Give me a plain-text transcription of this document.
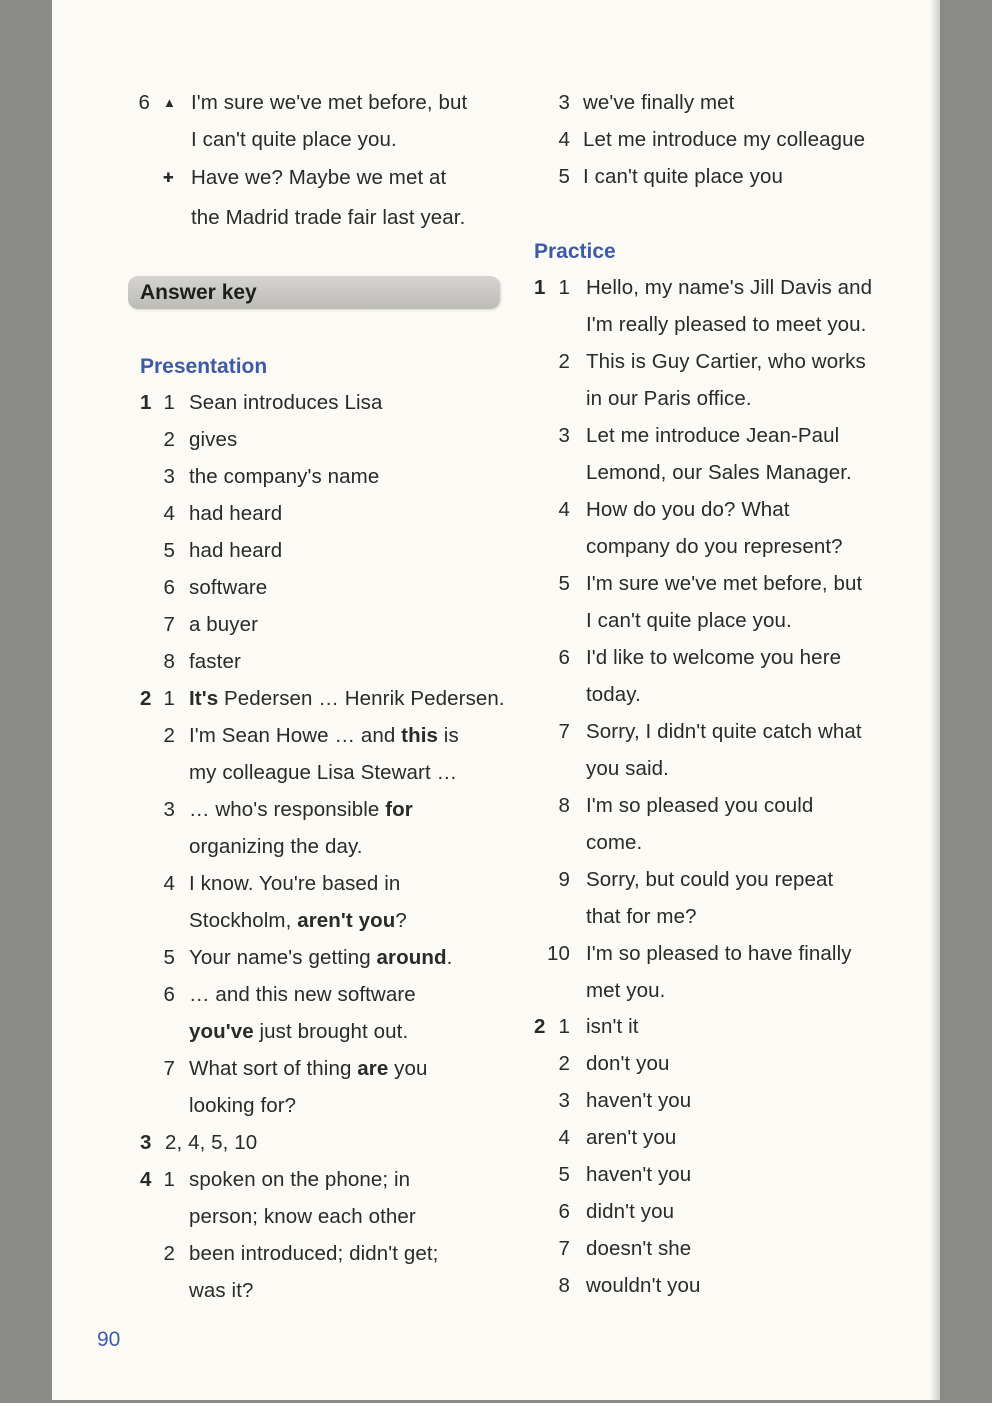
Answer key
Presentation
▲
6 I'm sure we've met before, but
I can't quite place you.
✚ Have we? Maybe we met at
the Madrid trade fair last year.
1 1 Sean introduces Lisa
2 gives
3 the company's name
4 had heard
5 had heard
6 software
7 a buyer
8 faster
2 1 It's Pedersen … Henrik Pedersen.
2 I'm Sean Howe … and this is
my colleague Lisa Stewart …
3 … who's responsible for
organizing the day.
4 I know. You're based in
Stockholm, aren't you?
5 Your name's getting around.
6 … and this new software
you've just brought out.
7 What sort of thing are you
looking for?
3 2, 4, 5, 10
4 1 spoken on the phone; in
person; know each other
2 been introduced; didn't get;
was it?
Practice
3 we've finally met
4 Let me introduce my colleague
5 I can't quite place you
1 1 Hello, my name's Jill Davis and
I'm really pleased to meet you.
2 This is Guy Cartier, who works
in our Paris office.
3 Let me introduce Jean-Paul
Lemond, our Sales Manager.
4 How do you do? What
company do you represent?
5 I'm sure we've met before, but
I can't quite place you.
6 I'd like to welcome you here
today.
7 Sorry, I didn't quite catch what
you said.
8 I'm so pleased you could
come.
9 Sorry, but could you repeat
that for me?
10 I'm so pleased to have finally
met you.
2 1 isn't it
2 don't you
3 haven't you
4 aren't you
5 haven't you
6 didn't you
7 doesn't she
8 wouldn't you
90
